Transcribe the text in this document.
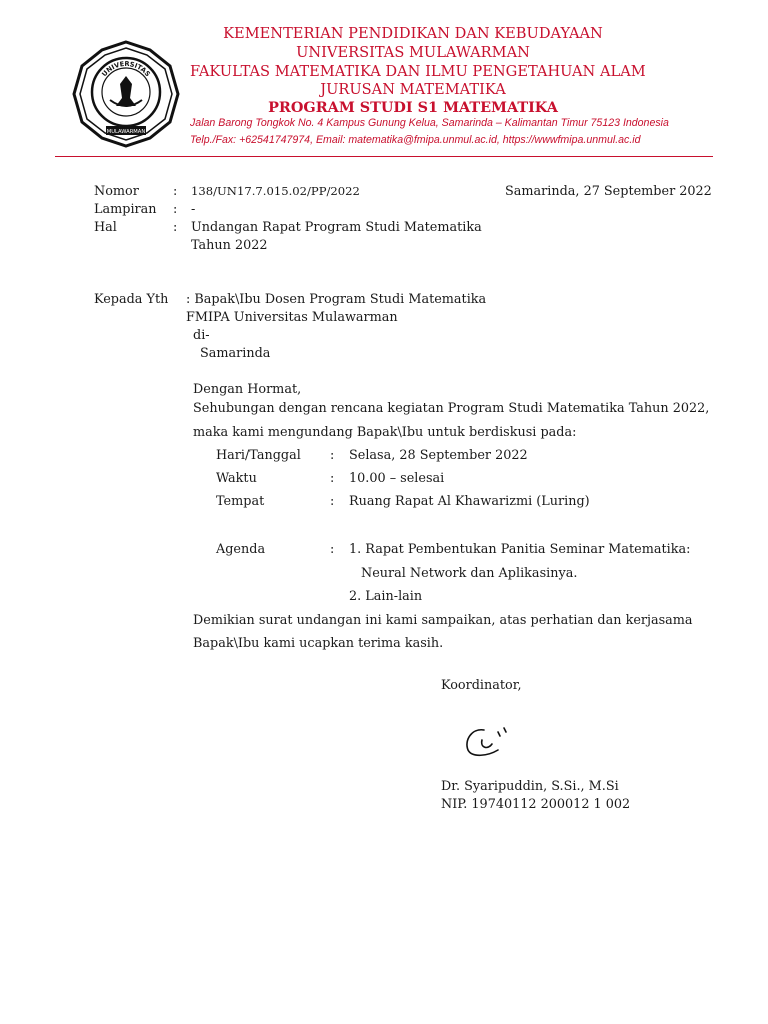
UNIVERSITAS
MULAWARMAN
KEMENTERIAN PENDIDIKAN DAN KEBUDAYAAN
UNIVERSITAS MULAWARMAN
FAKULTAS MATEMATIKA DAN ILMU PENGETAHUAN ALAM
JURUSAN MATEMATIKA
PROGRAM STUDI S1 MATEMATIKA
Jalan Barong Tongkok No. 4 Kampus Gunung Kelua, Samarinda – Kalimantan Timur 75123 Indonesia
Telp./Fax: +62541747974, Email: matematika@fmipa.unmul.ac.id, https://wwwfmipa.unmul.ac.id
Nomor	: 138/UN17.7.015.02/PP/2022	Samarinda, 27 September 2022
Lampiran : -
Hal	: Undangan Rapat Program Studi Matematika
Tahun 2022
Kepada Yth : Bapak\Ibu Dosen Program Studi Matematika
FMIPA Universitas Mulawarman
di-
Samarinda
Dengan Hormat,
Sehubungan dengan rencana kegiatan Program Studi Matematika Tahun 2022,
maka kami mengundang Bapak\Ibu untuk berdiskusi pada:
Hari/Tanggal : Selasa, 28 September 2022
Waktu	: 10.00 – selesai
Tempat	: Ruang Rapat Al Khawarizmi (Luring)
Agenda	: 1. Rapat Pembentukan Panitia Seminar Matematika:
Neural Network dan Aplikasinya.
2. Lain-lain
Demikian surat undangan ini kami sampaikan, atas perhatian dan kerjasama
Bapak\Ibu kami ucapkan terima kasih.
Koordinator,
Dr. Syaripuddin, S.Si., M.Si
NIP. 19740112 200012 1 002
